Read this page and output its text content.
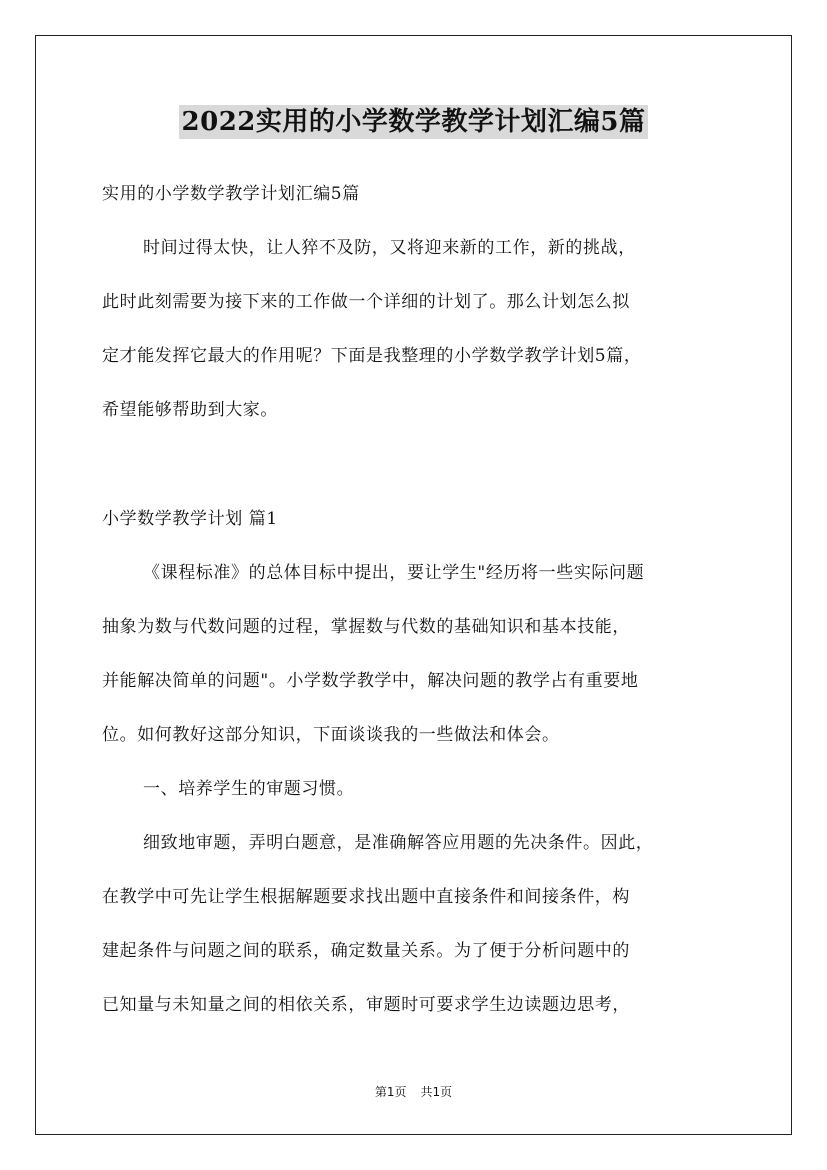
2022实用的小学数学教学计划汇编5篇
实用的小学数学教学计划汇编5篇
时间过得太快，让人猝不及防，又将迎来新的工作，新的挑战，
此时此刻需要为接下来的工作做一个详细的计划了。那么计划怎么拟
定才能发挥它最大的作用呢？下面是我整理的小学数学教学计划5篇，
希望能够帮助到大家。
小学数学教学计划 篇1
《课程标准》的总体目标中提出，要让学生"经历将一些实际问题
抽象为数与代数问题的过程，掌握数与代数的基础知识和基本技能，
并能解决简单的问题"。小学数学教学中，解决问题的教学占有重要地
位。如何教好这部分知识，下面谈谈我的一些做法和体会。
一、培养学生的审题习惯。
细致地审题，弄明白题意，是准确解答应用题的先决条件。因此，
在教学中可先让学生根据解题要求找出题中直接条件和间接条件，构
建起条件与问题之间的联系，确定数量关系。为了便于分析问题中的
已知量与未知量之间的相依关系，审题时可要求学生边读题边思考，
第1页 共1页
